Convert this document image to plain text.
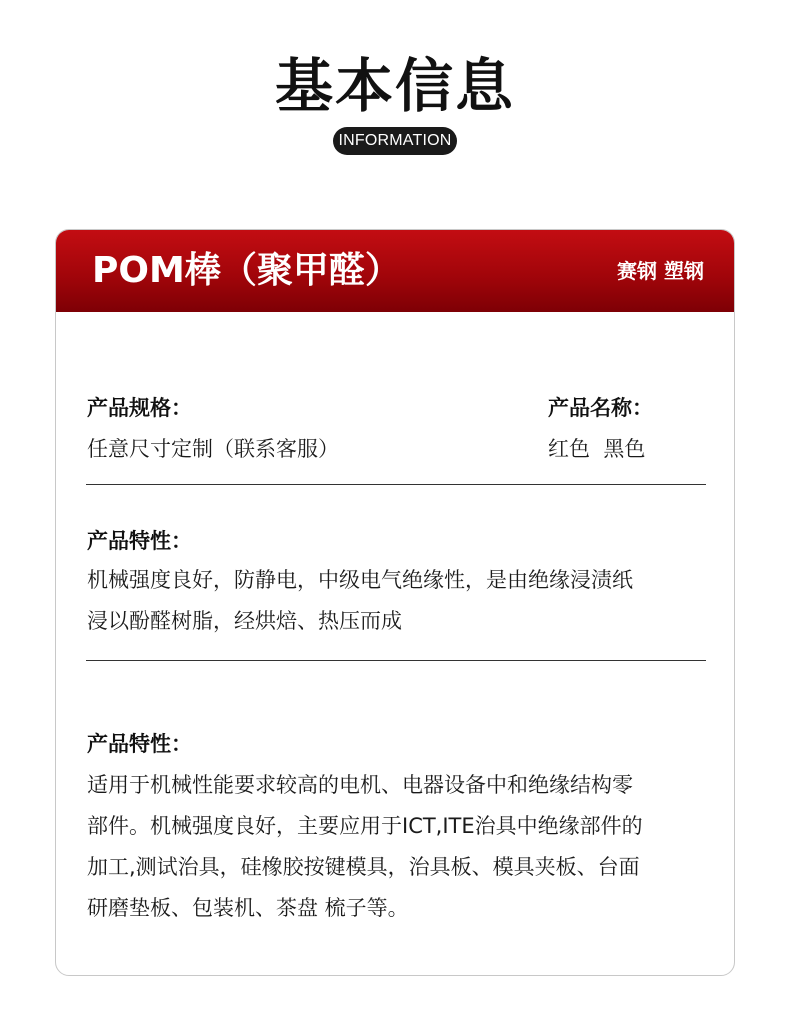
基本信息
INFORMATION
POM棒（聚甲醛）	赛钢 塑钢
产品规格：
任意尺寸定制（联系客服）
产品名称：
红色  黑色
产品特性：
机械强度良好，防静电，中级电气绝缘性，是由绝缘浸渍纸
浸以酚醛树脂，经烘焙、热压而成
产品特性：
适用于机械性能要求较高的电机、电器设备中和绝缘结构零
部件。机械强度良好，主要应用于ICT,ITE治具中绝缘部件的
加工,测试治具，硅橡胶按键模具，治具板、模具夹板、台面
研磨垫板、包装机、茶盘 梳子等。
